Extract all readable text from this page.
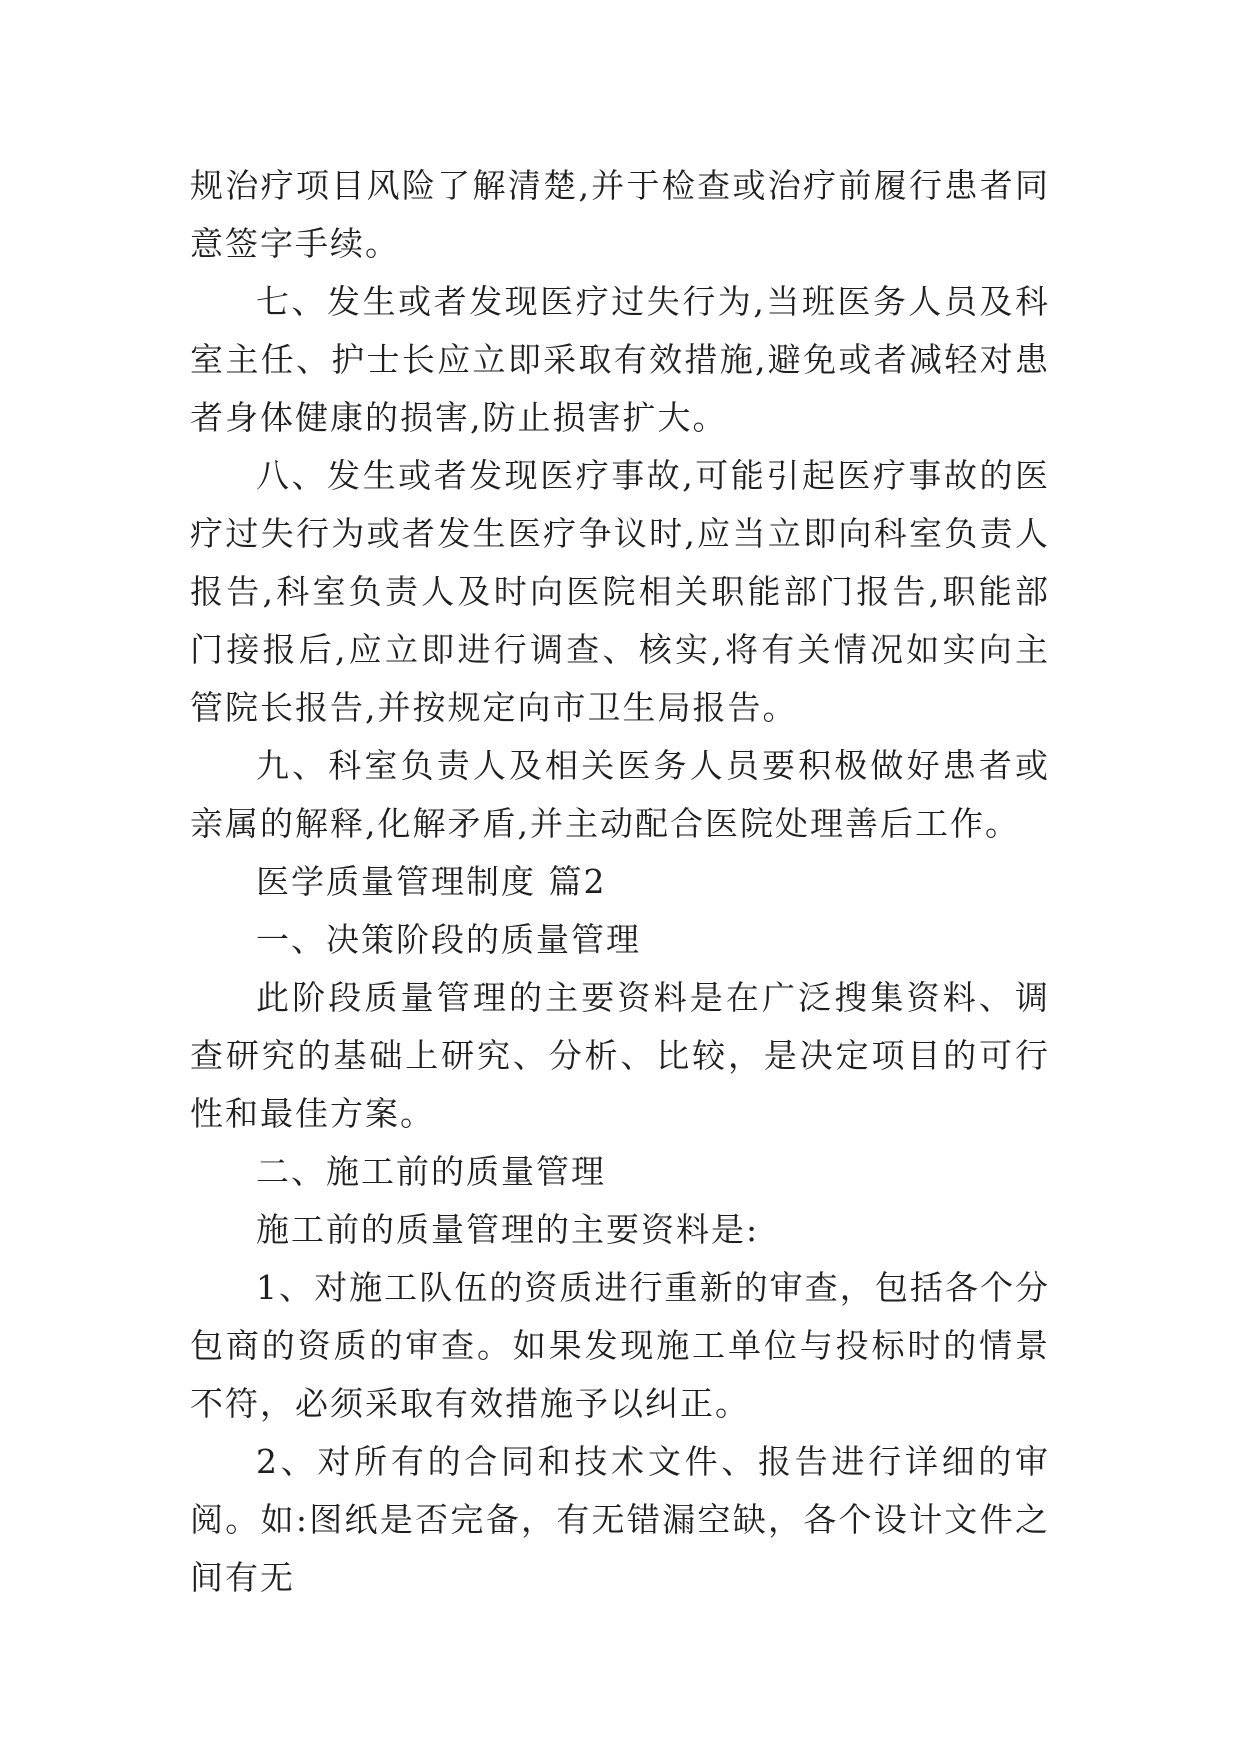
规治疗项目风险了解清楚,并于检查或治疗前履行患者同意签字手续。

七、发生或者发现医疗过失行为,当班医务人员及科室主任、护士长应立即采取有效措施,避免或者减轻对患者身体健康的损害,防止损害扩大。

八、发生或者发现医疗事故,可能引起医疗事故的医疗过失行为或者发生医疗争议时,应当立即向科室负责人报告,科室负责人及时向医院相关职能部门报告,职能部门接报后,应立即进行调查、核实,将有关情况如实向主管院长报告,并按规定向市卫生局报告。

九、科室负责人及相关医务人员要积极做好患者或亲属的解释,化解矛盾,并主动配合医院处理善后工作。

医学质量管理制度 篇2

一、决策阶段的质量管理

此阶段质量管理的主要资料是在广泛搜集资料、调查研究的基础上研究、分析、比较，是决定项目的可行性和最佳方案。

二、施工前的质量管理

施工前的质量管理的主要资料是:

1、对施工队伍的资质进行重新的审查，包括各个分包商的资质的审查。如果发现施工单位与投标时的情景不符，必须采取有效措施予以纠正。

2、对所有的合同和技术文件、报告进行详细的审阅。如:图纸是否完备，有无错漏空缺，各个设计文件之间有无
